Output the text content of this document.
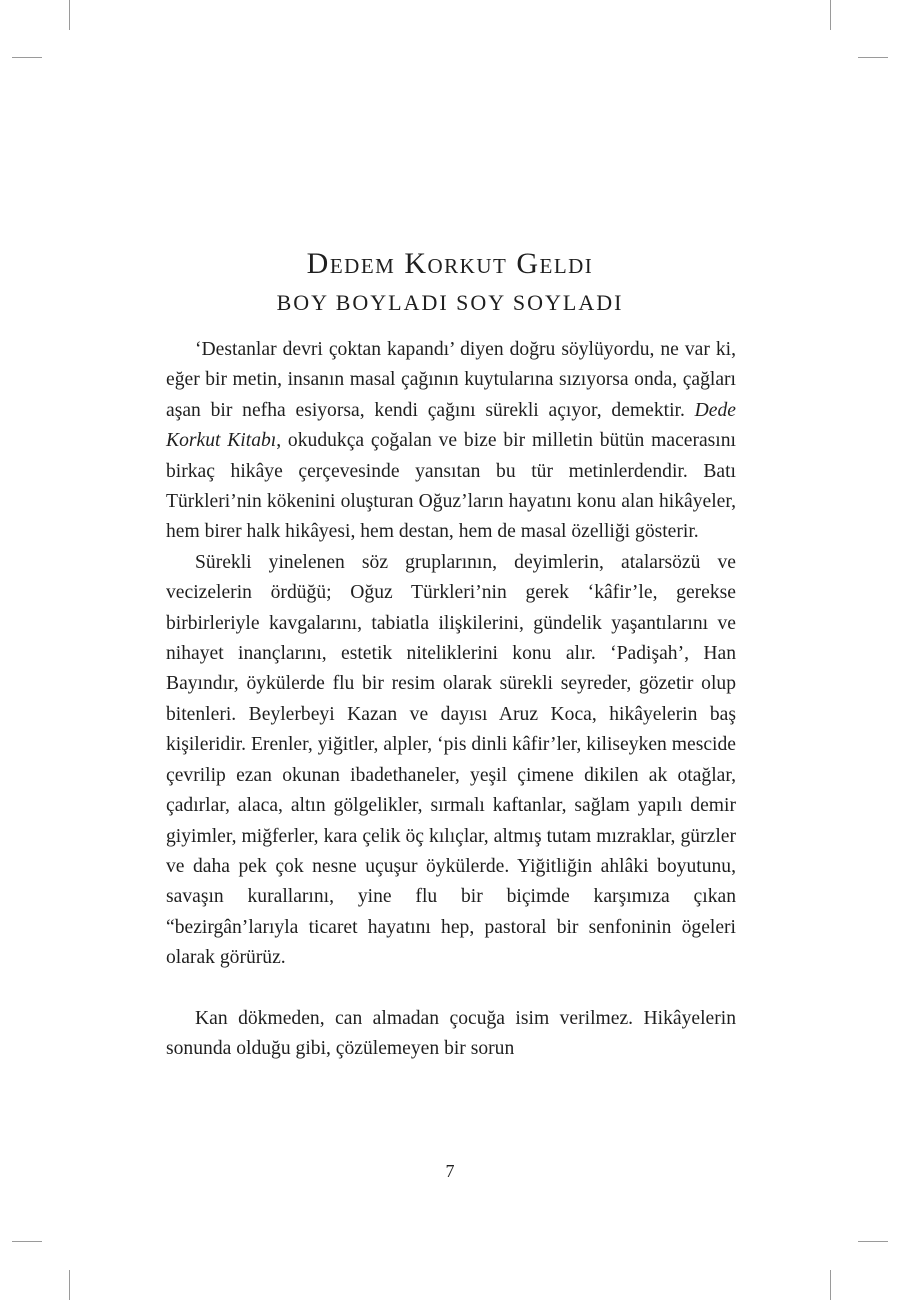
Dedem Korkut Geldi
BOY BOYLADI SOY SOYLADI

‘Destanlar devri çoktan kapandı’ diyen doğru söylüyordu, ne var ki, eğer bir metin, insanın masal çağının kuytularına sızıyorsa onda, çağları aşan bir nefha esiyorsa, kendi çağını sürekli açıyor, demektir. Dede Korkut Kitabı, okudukça çoğalan ve bize bir milletin bütün macerasını birkaç hikâye çerçevesinde yansıtan bu tür metinlerdendir. Batı Türkleri’nin kökenini oluşturan Oğuz’ların hayatını konu alan hikâyeler, hem birer halk hikâyesi, hem destan, hem de masal özelliği gösterir.

Sürekli yinelenen söz gruplarının, deyimlerin, atalarsözü ve vecizelerin ördüğü; Oğuz Türkleri’nin gerek ‘kâfir’le, gerekse birbirleriyle kavgalarını, tabiatla ilişkilerini, gündelik yaşantılarını ve nihayet inançlarını, estetik niteliklerini konu alır. ‘Padişah’, Han Bayındır, öykülerde flu bir resim olarak sürekli seyreder, gözetir olup bitenleri. Beylerbeyi Kazan ve dayısı Aruz Koca, hikâyelerin baş kişileridir. Erenler, yiğitler, alpler, ‘pis dinli kâfir’ler, kiliseyken mescide çevrilip ezan okunan ibadethaneler, yeşil çimene dikilen ak otağlar, çadırlar, alaca, altın gölgelikler, sırmalı kaftanlar, sağlam yapılı demir giyimler, miğferler, kara çelik öç kılıçlar, altmış tutam mızraklar, gürzler ve daha pek çok nesne uçuşur öykülerde. Yiğitliğin ahlâki boyutunu, savaşın kurallarını, yine flu bir biçimde karşımıza çıkan “bezirgân’larıyla ticaret hayatını hep, pastoral bir senfoninin ögeleri olarak görürüz.

Kan dökmeden, can almadan çocuğa isim verilmez. Hikâyelerin sonunda olduğu gibi, çözülemeyen bir sorun

7
